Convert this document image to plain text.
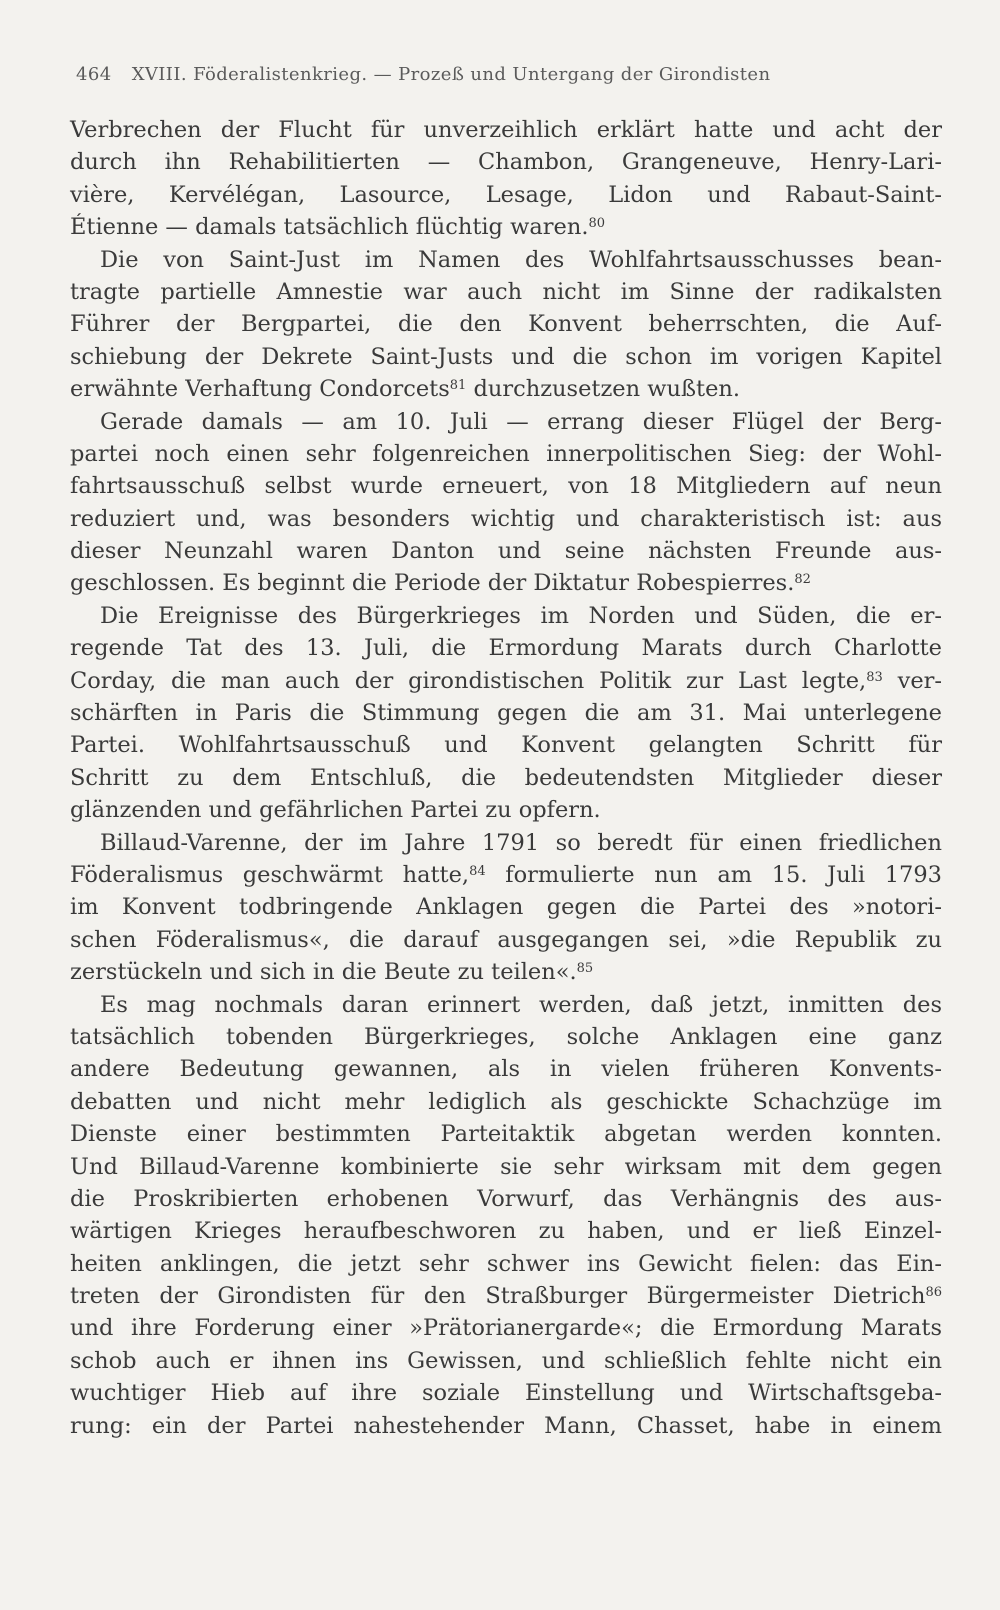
464 XVIII. Föderalistenkrieg. — Prozeß und Untergang der Girondisten
Verbrechen der Flucht für unverzeihlich erklärt hatte und acht der
durch ihn Rehabilitierten — Chambon, Grangeneuve, Henry-Lari-
vière, Kervélégan, Lasource, Lesage, Lidon und Rabaut-Saint-
Étienne — damals tatsächlich flüchtig waren.$^{80}$
Die von Saint-Just im Namen des Wohlfahrtsausschusses bean-
tragte partielle Amnestie war auch nicht im Sinne der radikalsten
Führer der Bergpartei, die den Konvent beherrschten, die Auf-
schiebung der Dekrete Saint-Justs und die schon im vorigen Kapitel
erwähnte Verhaftung Condorcets$^{81}$ durchzusetzen wußten.
Gerade damals — am 10. Juli — errang dieser Flügel der Berg-
partei noch einen sehr folgenreichen innerpolitischen Sieg: der Wohl-
fahrtsausschuß selbst wurde erneuert, von 18 Mitgliedern auf neun
reduziert und, was besonders wichtig und charakteristisch ist: aus
dieser Neunzahl waren Danton und seine nächsten Freunde aus-
geschlossen. Es beginnt die Periode der Diktatur Robespierres.$^{82}$
Die Ereignisse des Bürgerkrieges im Norden und Süden, die er-
regende Tat des 13. Juli, die Ermordung Marats durch Charlotte
Corday, die man auch der girondistischen Politik zur Last legte,$^{83}$ ver-
schärften in Paris die Stimmung gegen die am 31. Mai unterlegene
Partei. Wohlfahrtsausschuß und Konvent gelangten Schritt für
Schritt zu dem Entschluß, die bedeutendsten Mitglieder dieser
glänzenden und gefährlichen Partei zu opfern.
Billaud-Varenne, der im Jahre 1791 so beredt für einen friedlichen
Föderalismus geschwärmt hatte,$^{84}$ formulierte nun am 15. Juli 1793
im Konvent todbringende Anklagen gegen die Partei des »notori-
schen Föderalismus«, die darauf ausgegangen sei, »die Republik zu
zerstückeln und sich in die Beute zu teilen«.$^{85}$
Es mag nochmals daran erinnert werden, daß jetzt, inmitten des
tatsächlich tobenden Bürgerkrieges, solche Anklagen eine ganz
andere Bedeutung gewannen, als in vielen früheren Konvents-
debatten und nicht mehr lediglich als geschickte Schachzüge im
Dienste einer bestimmten Parteitaktik abgetan werden konnten.
Und Billaud-Varenne kombinierte sie sehr wirksam mit dem gegen
die Proskribierten erhobenen Vorwurf, das Verhängnis des aus-
wärtigen Krieges heraufbeschworen zu haben, und er ließ Einzel-
heiten anklingen, die jetzt sehr schwer ins Gewicht fielen: das Ein-
treten der Girondisten für den Straßburger Bürgermeister Dietrich$^{86}$
und ihre Forderung einer »Prätorianergarde«; die Ermordung Marats
schob auch er ihnen ins Gewissen, und schließlich fehlte nicht ein
wuchtiger Hieb auf ihre soziale Einstellung und Wirtschaftsgeba-
rung: ein der Partei nahestehender Mann, Chasset, habe in einem
